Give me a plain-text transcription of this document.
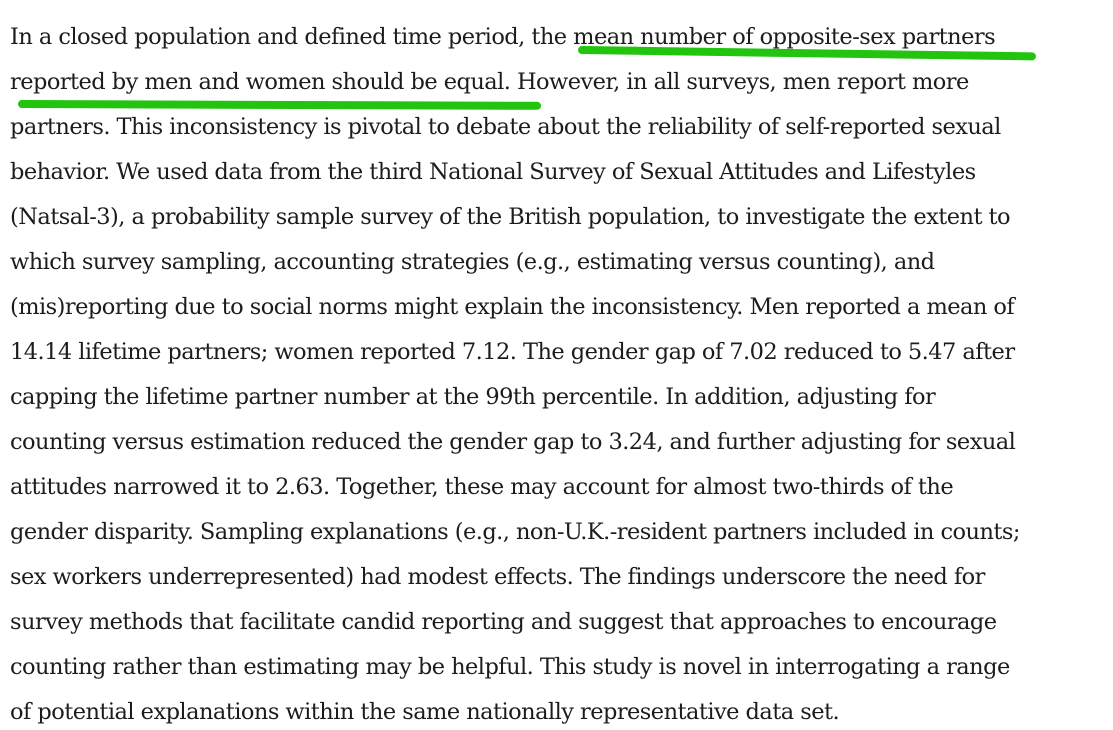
In a closed population and defined time period, the mean number of opposite-sex partners
reported by men and women should be equal. However, in all surveys, men report more
partners. This inconsistency is pivotal to debate about the reliability of self-reported sexual
behavior. We used data from the third National Survey of Sexual Attitudes and Lifestyles
(Natsal-3), a probability sample survey of the British population, to investigate the extent to
which survey sampling, accounting strategies (e.g., estimating versus counting), and
(mis)reporting due to social norms might explain the inconsistency. Men reported a mean of
14.14 lifetime partners; women reported 7.12. The gender gap of 7.02 reduced to 5.47 after
capping the lifetime partner number at the 99th percentile. In addition, adjusting for
counting versus estimation reduced the gender gap to 3.24, and further adjusting for sexual
attitudes narrowed it to 2.63. Together, these may account for almost two-thirds of the
gender disparity. Sampling explanations (e.g., non-U.K.-resident partners included in counts;
sex workers underrepresented) had modest effects. The findings underscore the need for
survey methods that facilitate candid reporting and suggest that approaches to encourage
counting rather than estimating may be helpful. This study is novel in interrogating a range
of potential explanations within the same nationally representative data set.
